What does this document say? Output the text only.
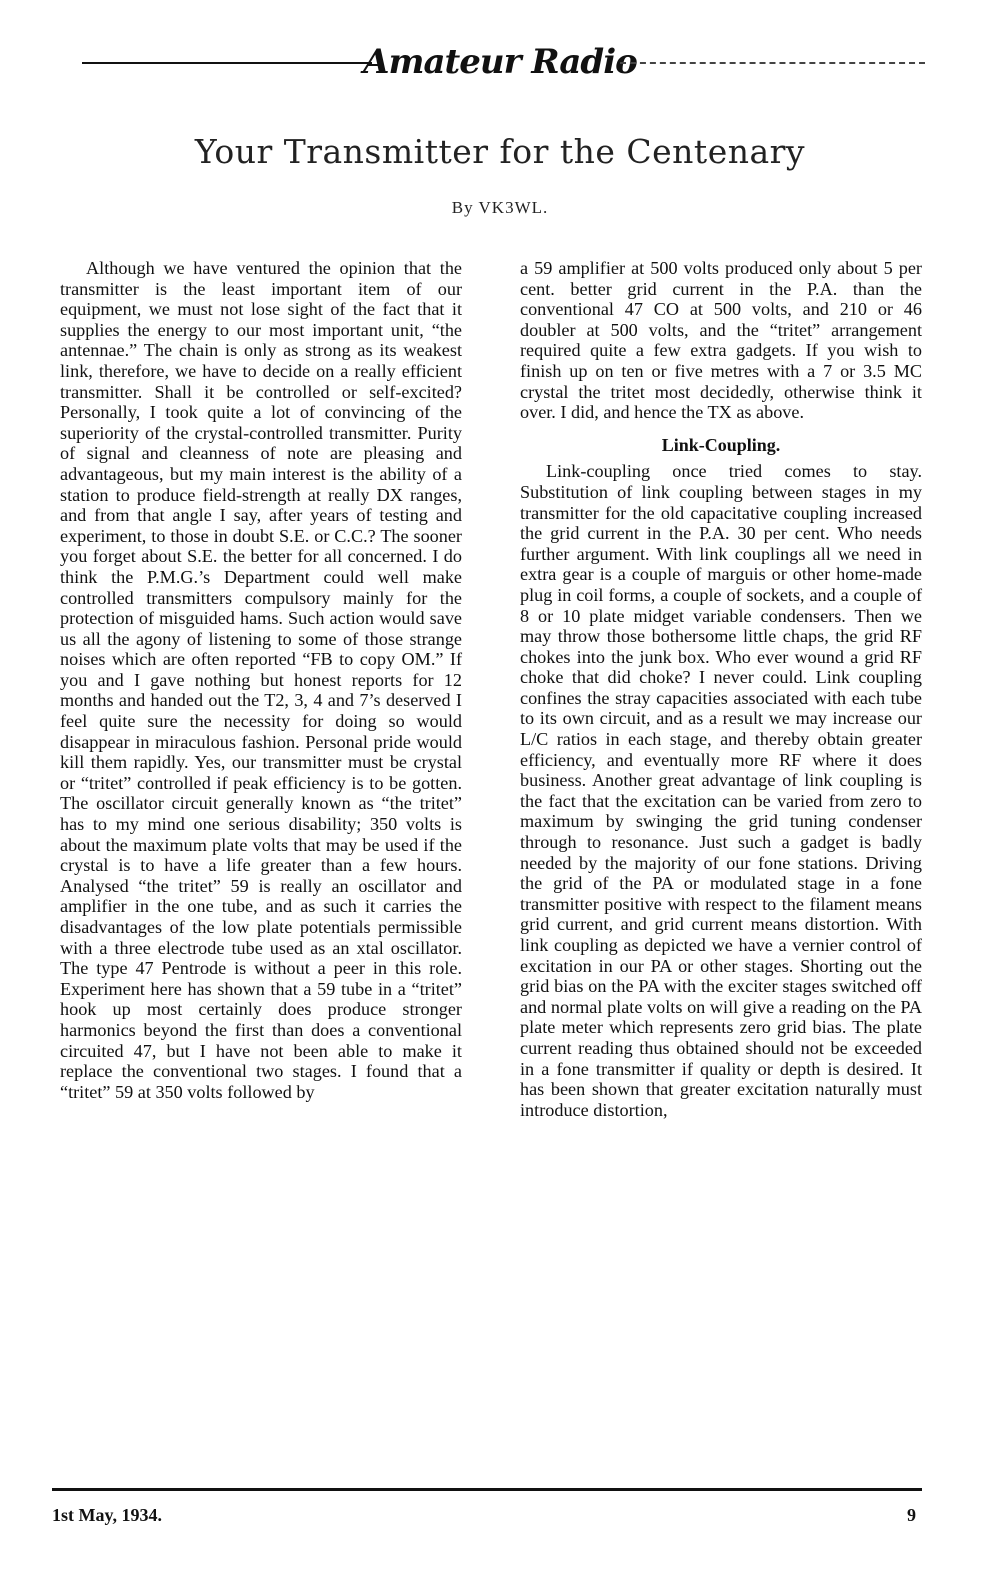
Amateur Radio
Your Transmitter for the Centenary
By VK3WL.

Although we have ventured the opinion that the transmitter is the least important item of our equipment, we must not lose sight of the fact that it supplies the energy to our most important unit, “the antennae.” The chain is only as strong as its weakest link, therefore, we have to decide on a really efficient transmitter. Shall it be controlled or self-excited? Personally, I took quite a lot of convincing of the superiority of the crystal-controlled transmitter. Purity of signal and cleanness of note are pleasing and advantageous, but my main interest is the ability of a station to produce field-strength at really DX ranges, and from that angle I say, after years of testing and experiment, to those in doubt S.E. or C.C.? The sooner you forget about S.E. the better for all concerned. I do think the P.M.G.’s Department could well make controlled transmitters compulsory mainly for the protection of misguided hams. Such action would save us all the agony of listening to some of those strange noises which are often reported “FB to copy OM.” If you and I gave nothing but honest reports for 12 months and handed out the T2, 3, 4 and 7’s deserved I feel quite sure the necessity for doing so would disappear in miraculous fashion. Personal pride would kill them rapidly. Yes, our transmitter must be crystal or “tritet” controlled if peak efficiency is to be gotten. The oscillator circuit generally known as “the tritet” has to my mind one serious disability; 350 volts is about the maximum plate volts that may be used if the crystal is to have a life greater than a few hours. Analysed “the tritet” 59 is really an oscillator and amplifier in the one tube, and as such it carries the disadvantages of the low plate potentials permissible with a three electrode tube used as an xtal oscillator. The type 47 Pentrode is without a peer in this role. Experiment here has shown that a 59 tube in a “tritet” hook up most certainly does produce stronger harmonics beyond the first than does a conventional circuited 47, but I have not been able to make it replace the conventional two stages. I found that a “tritet” 59 at 350 volts followed by

a 59 amplifier at 500 volts produced only about 5 per cent. better grid current in the P.A. than the conventional 47 CO at 500 volts, and 210 or 46 doubler at 500 volts, and the “tritet” arrangement required quite a few extra gadgets. If you wish to finish up on ten or five metres with a 7 or 3.5 MC crystal the tritet most decidedly, otherwise think it over. I did, and hence the TX as above.

Link-Coupling.

Link-coupling once tried comes to stay. Substitution of link coupling between stages in my transmitter for the old capacitative coupling increased the grid current in the P.A. 30 per cent. Who needs further argument. With link couplings all we need in extra gear is a couple of marguis or other home-made plug in coil forms, a couple of sockets, and a couple of 8 or 10 plate midget variable condensers. Then we may throw those bothersome little chaps, the grid RF chokes into the junk box. Who ever wound a grid RF choke that did choke? I never could. Link coupling confines the stray capacities associated with each tube to its own circuit, and as a result we may increase our L/C ratios in each stage, and thereby obtain greater efficiency, and eventually more RF where it does business. Another great advantage of link coupling is the fact that the excitation can be varied from zero to maximum by swinging the grid tuning condenser through to resonance. Just such a gadget is badly needed by the majority of our fone stations. Driving the grid of the PA or modulated stage in a fone transmitter positive with respect to the filament means grid current, and grid current means distortion. With link coupling as depicted we have a vernier control of excitation in our PA or other stages. Shorting out the grid bias on the PA with the exciter stages switched off and normal plate volts on will give a reading on the PA plate meter which represents zero grid bias. The plate current reading thus obtained should not be exceeded in a fone transmitter if quality or depth is desired. It has been shown that greater excitation naturally must introduce distortion,

1st May, 1934.	9
